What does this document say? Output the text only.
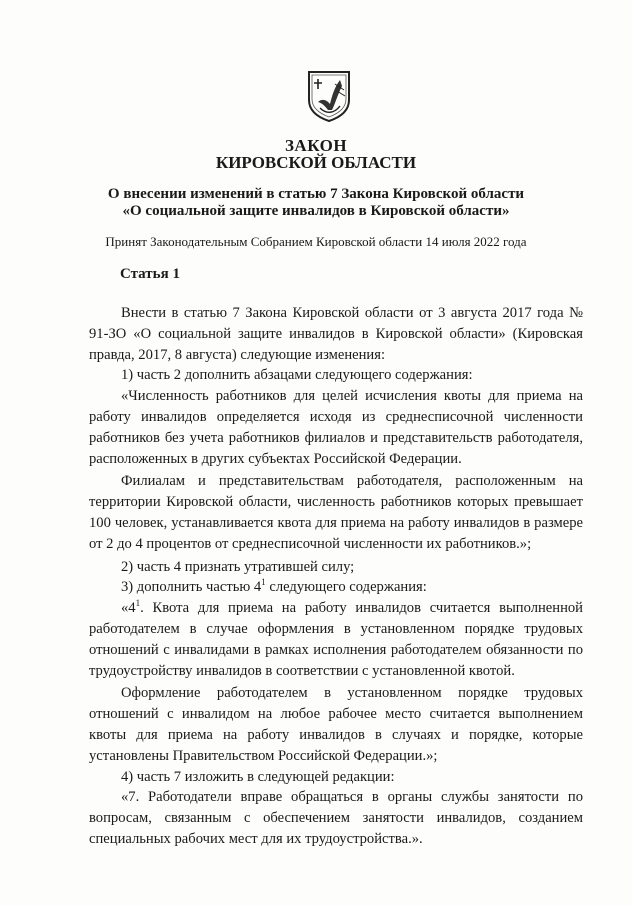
ЗАКОН
КИРОВСКОЙ ОБЛАСТИ
О внесении изменений в статью 7 Закона Кировской области
«О социальной защите инвалидов в Кировской области»
Принят Законодательным Собранием Кировской области 14 июля 2022 года
Статья 1

Внести в статью 7 Закона Кировской области от 3 августа 2017 года № 91-ЗО «О социальной защите инвалидов в Кировской области» (Кировская правда, 2017, 8 августа) следующие изменения:

1) часть 2 дополнить абзацами следующего содержания:

«Численность работников для целей исчисления квоты для приема на работу инвалидов определяется исходя из среднесписочной численности работников без учета работников филиалов и представительств работодателя, расположенных в других субъектах Российской Федерации.

Филиалам и представительствам работодателя, расположенным на территории Кировской области, численность работников которых превышает 100 человек, устанавливается квота для приема на работу инвалидов в размере от 2 до 4 процентов от среднесписочной численности их работников.»;

2) часть 4 признать утратившей силу;

3) дополнить частью $4^1$ следующего содержания:

«$4^1$. Квота для приема на работу инвалидов считается выполненной работодателем в случае оформления в установленном порядке трудовых отношений с инвалидами в рамках исполнения работодателем обязанности по трудоустройству инвалидов в соответствии с установленной квотой.

Оформление работодателем в установленном порядке трудовых отношений с инвалидом на любое рабочее место считается выполнением квоты для приема на работу инвалидов в случаях и порядке, которые установлены Правительством Российской Федерации.»;

4) часть 7 изложить в следующей редакции:

«7. Работодатели вправе обращаться в органы службы занятости по вопросам, связанным с обеспечением занятости инвалидов, созданием специальных рабочих мест для их трудоустройства.».
